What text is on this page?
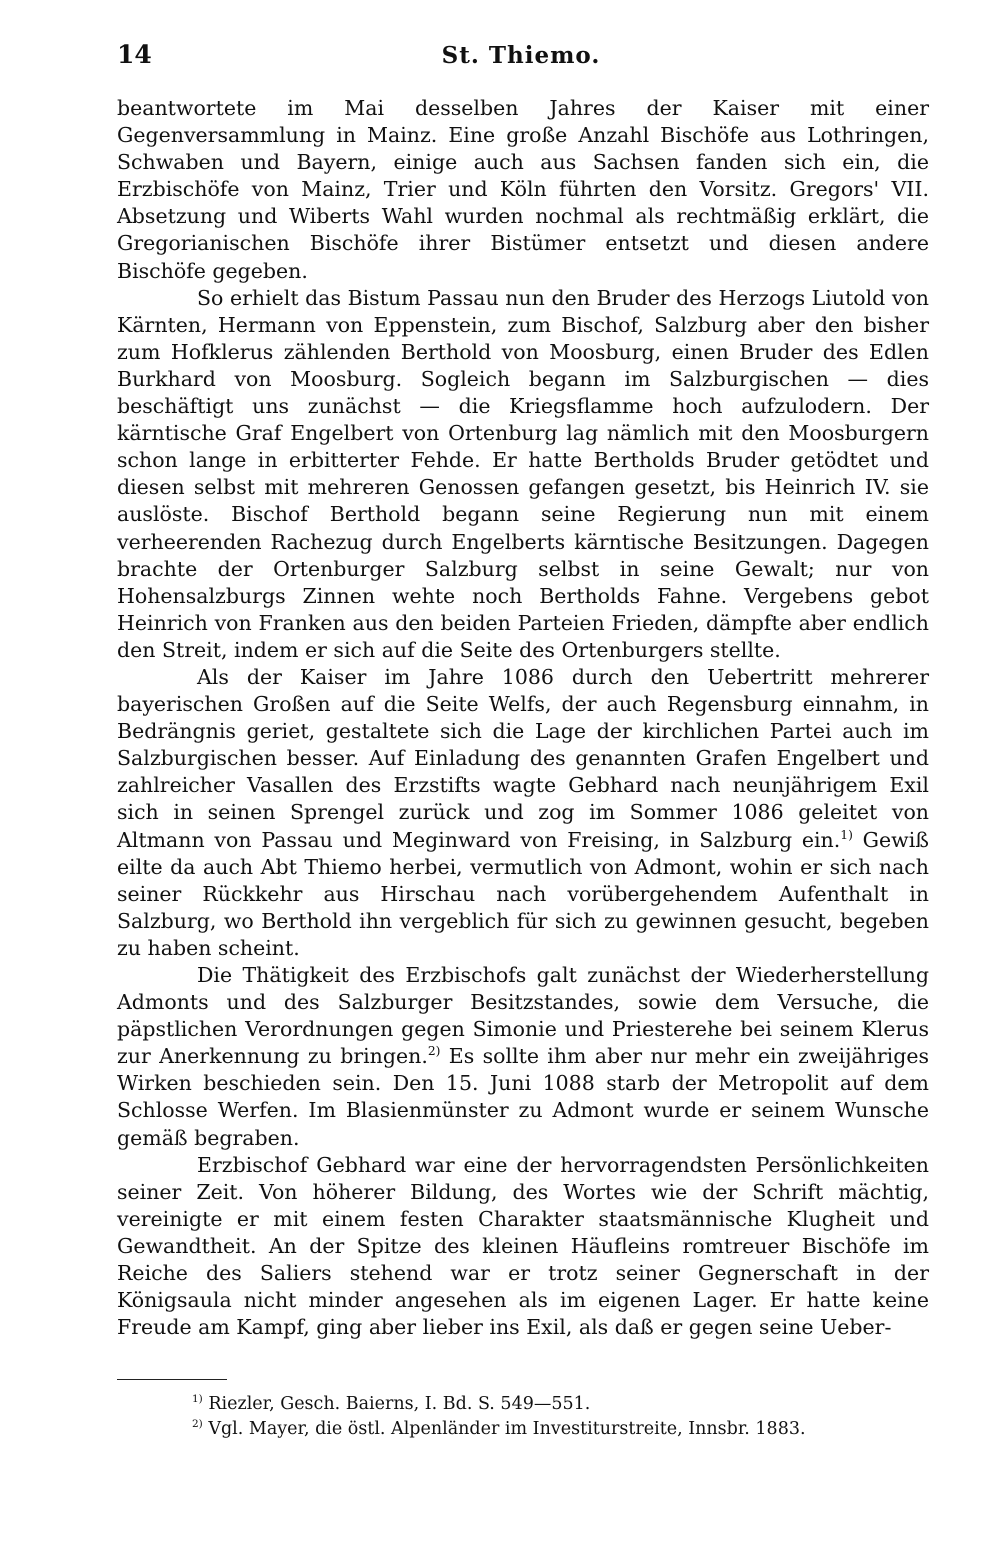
14	St. Thiemo.

beantwortete im Mai desselben Jahres der Kaiser mit einer Gegenversammlung in Mainz. Eine große Anzahl Bischöfe aus Lothringen, Schwaben und Bayern, einige auch aus Sachsen fanden sich ein, die Erzbischöfe von Mainz, Trier und Köln führten den Vorsitz. Gregors' VII. Absetzung und Wiberts Wahl wurden nochmal als rechtmäßig erklärt, die Gregorianischen Bischöfe ihrer Bistümer entsetzt und diesen andere Bischöfe gegeben.

So erhielt das Bistum Passau nun den Bruder des Herzogs Liutold von Kärnten, Hermann von Eppenstein, zum Bischof, Salzburg aber den bisher zum Hofklerus zählenden Berthold von Moosburg, einen Bruder des Edlen Burkhard von Moosburg. Sogleich begann im Salzburgischen — dies beschäftigt uns zunächst — die Kriegsflamme hoch aufzulodern. Der kärntische Graf Engelbert von Ortenburg lag nämlich mit den Moosburgern schon lange in erbitterter Fehde. Er hatte Bertholds Bruder getödtet und diesen selbst mit mehreren Genossen gefangen gesetzt, bis Heinrich IV. sie auslöste. Bischof Berthold begann seine Regierung nun mit einem verheerenden Rachezug durch Engelberts kärntische Besitzungen. Dagegen brachte der Ortenburger Salzburg selbst in seine Gewalt; nur von Hohensalzburgs Zinnen wehte noch Bertholds Fahne. Vergebens gebot Heinrich von Franken aus den beiden Parteien Frieden, dämpfte aber endlich den Streit, indem er sich auf die Seite des Ortenburgers stellte.

Als der Kaiser im Jahre 1086 durch den Uebertritt mehrerer bayerischen Großen auf die Seite Welfs, der auch Regensburg einnahm, in Bedrängnis geriet, gestaltete sich die Lage der kirchlichen Partei auch im Salzburgischen besser. Auf Einladung des genannten Grafen Engelbert und zahlreicher Vasallen des Erzstifts wagte Gebhard nach neunjährigem Exil sich in seinen Sprengel zurück und zog im Sommer 1086 geleitet von Altmann von Passau und Meginward von Freising, in Salzburg ein.$^{1)}$ Gewiß eilte da auch Abt Thiemo herbei, vermutlich von Admont, wohin er sich nach seiner Rückkehr aus Hirschau nach vorübergehendem Aufenthalt in Salzburg, wo Berthold ihn vergeblich für sich zu gewinnen gesucht, begeben zu haben scheint.

Die Thätigkeit des Erzbischofs galt zunächst der Wiederherstellung Admonts und des Salzburger Besitzstandes, sowie dem Versuche, die päpstlichen Verordnungen gegen Simonie und Priesterehe bei seinem Klerus zur Anerkennung zu bringen.$^{2)}$ Es sollte ihm aber nur mehr ein zweijähriges Wirken beschieden sein. Den 15. Juni 1088 starb der Metropolit auf dem Schlosse Werfen. Im Blasienmünster zu Admont wurde er seinem Wunsche gemäß begraben.

Erzbischof Gebhard war eine der hervorragendsten Persönlichkeiten seiner Zeit. Von höherer Bildung, des Wortes wie der Schrift mächtig, vereinigte er mit einem festen Charakter staatsmännische Klugheit und Gewandtheit. An der Spitze des kleinen Häufleins romtreuer Bischöfe im Reiche des Saliers stehend war er trotz seiner Gegnerschaft in der Königsaula nicht minder angesehen als im eigenen Lager. Er hatte keine Freude am Kampf, ging aber lieber ins Exil, als daß er gegen seine Ueber-

$^{1)}$ Riezler, Gesch. Baierns, I. Bd. S. 549—551.

$^{2)}$ Vgl. Mayer, die östl. Alpenländer im Investiturstreite, Innsbr. 1883.
